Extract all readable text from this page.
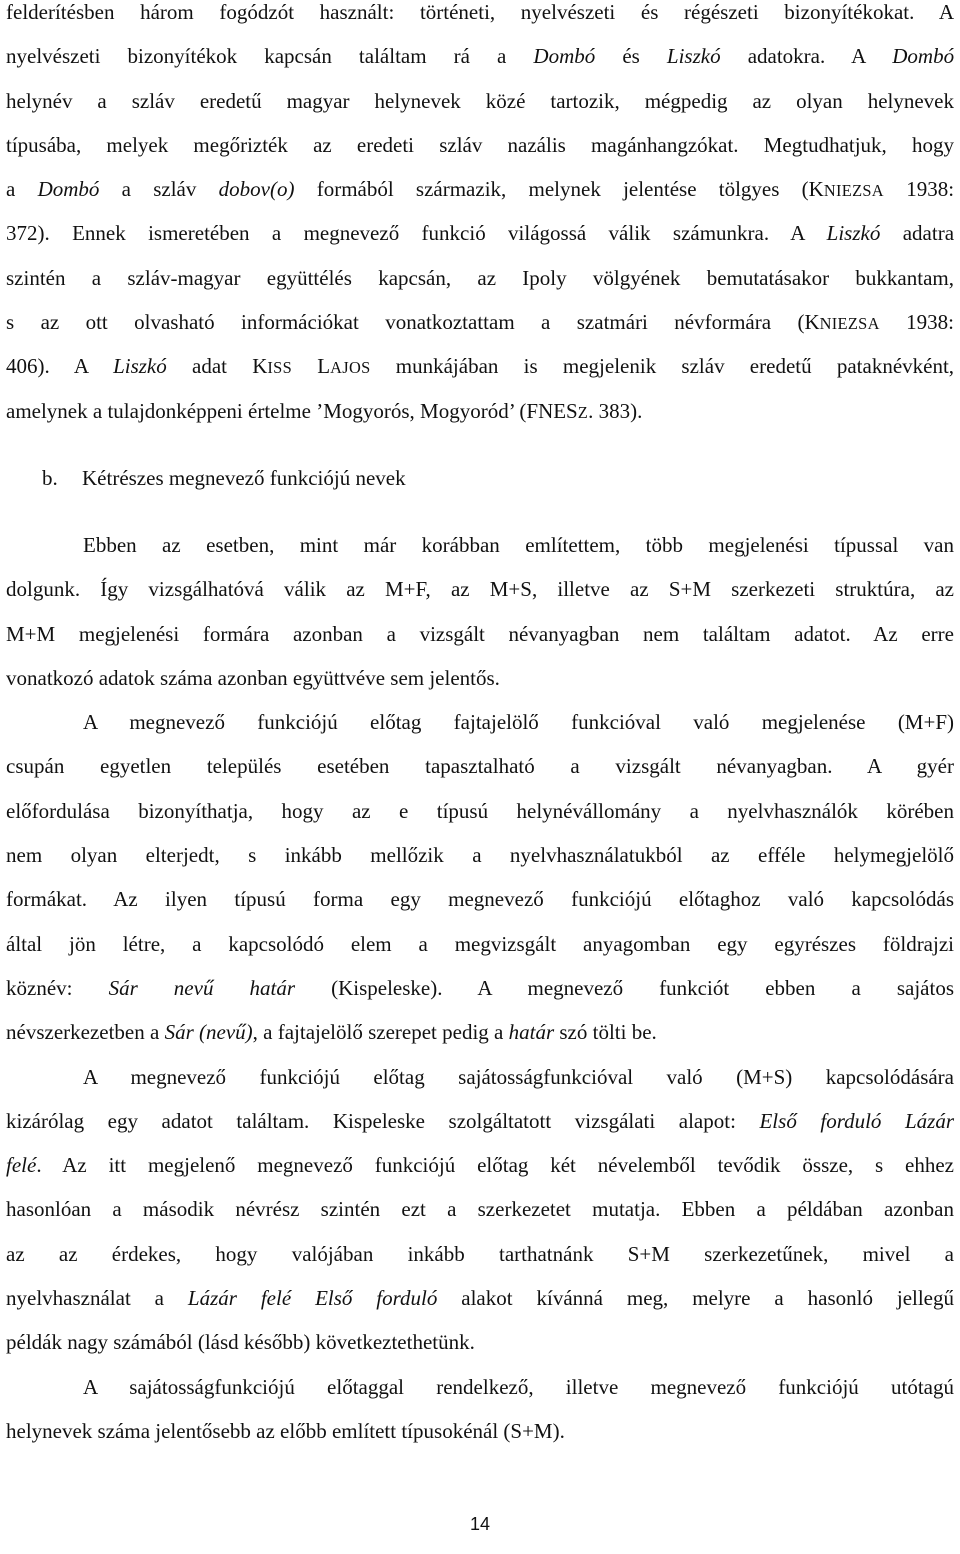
felderítésben három fogódzót használt: történeti, nyelvészeti és régészeti bizonyítékokat. A
nyelvészeti bizonyítékok kapcsán találtam rá a Dombó és Liszkó adatokra. A Dombó
helynév a szláv eredetű magyar helynevek közé tartozik, mégpedig az olyan helynevek
típusába, melyek megőrizték az eredeti szláv nazális magánhangzókat. Megtudhatjuk, hogy
a Dombó a szláv dobov(o) formából származik, melynek jelentése tölgyes (KNIEZSA 1938:
372). Ennek ismeretében a megnevező funkció világossá válik számunkra. A Liszkó adatra
szintén a szláv-magyar együttélés kapcsán, az Ipoly völgyének bemutatásakor bukkantam,
s az ott olvasható információkat vonatkoztattam a szatmári névformára (KNIEZSA 1938:
406). A Liszkó adat KISS LAJOS munkájában is megjelenik szláv eredetű pataknévként,
amelynek a tulajdonképpeni értelme ’Mogyorós, Mogyoród’ (FNESZ. 383).
b. Kétrészes megnevező funkciójú nevek
Ebben az esetben, mint már korábban említettem, több megjelenési típussal van
dolgunk. Így vizsgálhatóvá válik az M+F, az M+S, illetve az S+M szerkezeti struktúra, az
M+M megjelenési formára azonban a vizsgált névanyagban nem találtam adatot. Az erre
vonatkozó adatok száma azonban együttvéve sem jelentős.
A megnevező funkciójú előtag fajtajelölő funkcióval való megjelenése (M+F)
csupán egyetlen település esetében tapasztalható a vizsgált névanyagban. A gyér
előfordulása bizonyíthatja, hogy az e típusú helynévállomány a nyelvhasználók körében
nem olyan elterjedt, s inkább mellőzik a nyelvhasználatukból az efféle helymegjelölő
formákat. Az ilyen típusú forma egy megnevező funkciójú előtaghoz való kapcsolódás
által jön létre, a kapcsolódó elem a megvizsgált anyagomban egy egyrészes földrajzi
köznév: Sár nevű határ (Kispeleske). A megnevező funkciót ebben a sajátos
névszerkezetben a Sár (nevű), a fajtajelölő szerepet pedig a határ szó tölti be.
A megnevező funkciójú előtag sajátosságfunkcióval való (M+S) kapcsolódására
kizárólag egy adatot találtam. Kispeleske szolgáltatott vizsgálati alapot: Első forduló Lázár
felé. Az itt megjelenő megnevező funkciójú előtag két névelemből tevődik össze, s ehhez
hasonlóan a második névrész szintén ezt a szerkezetet mutatja. Ebben a példában azonban
az az érdekes, hogy valójában inkább tarthatnánk S+M szerkezetűnek, mivel a
nyelvhasználat a Lázár felé Első forduló alakot kívánná meg, melyre a hasonló jellegű
példák nagy számából (lásd később) következtethetünk.
A sajátosságfunkciójú előtaggal rendelkező, illetve megnevező funkciójú utótagú
helynevek száma jelentősebb az előbb említett típusokénál (S+M).
14
